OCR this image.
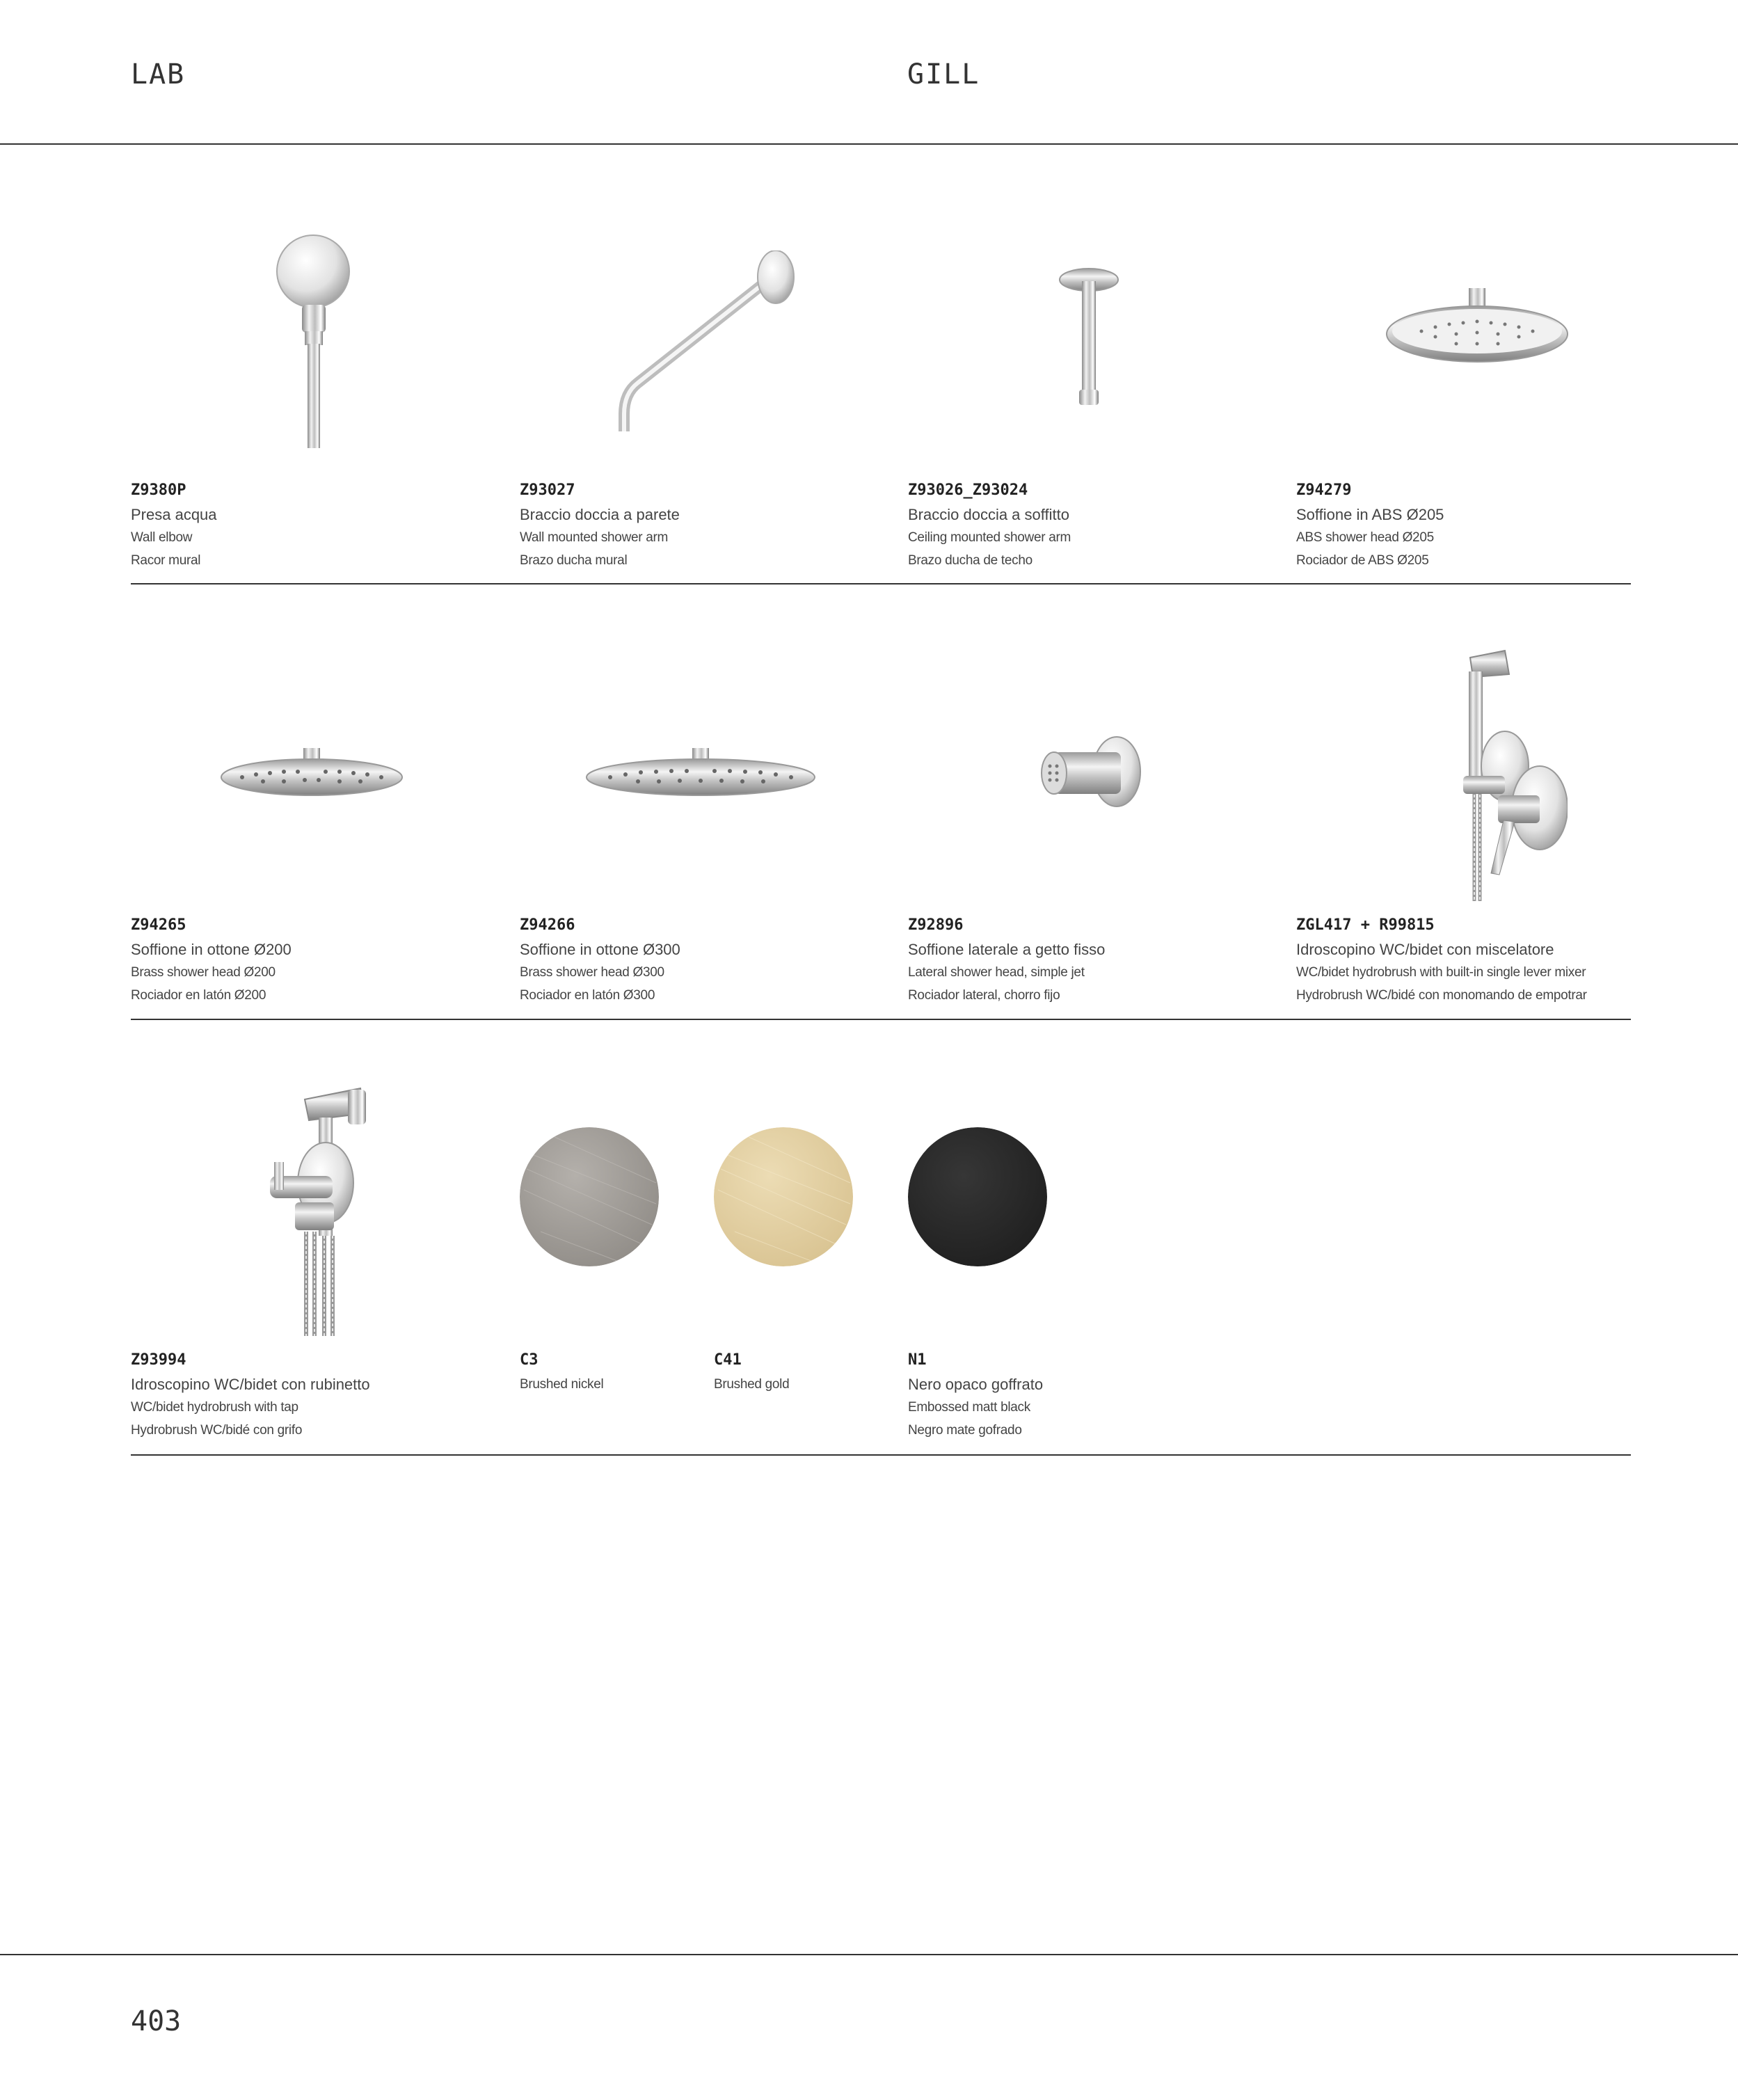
LAB	GILL
Z9380P
Presa acqua
Wall elbow
Racor mural
Z93027
Braccio doccia a parete
Wall mounted shower arm
Brazo ducha mural
Z93026_Z93024
Braccio doccia a soffitto
Ceiling mounted shower arm
Brazo ducha de techo
Z94279
Soffione in ABS Ø205
ABS shower head Ø205
Rociador de ABS Ø205
Z94265
Soffione in ottone Ø200
Brass shower head Ø200
Rociador en latón Ø200
Z94266
Soffione in ottone Ø300
Brass shower head Ø300
Rociador en latón Ø300
Z92896
Soffione laterale a getto fisso
Lateral shower head, simple jet
Rociador lateral, chorro fijo
ZGL417 + R99815
Idroscopino WC/bidet con miscelatore
WC/bidet hydrobrush with built-in single lever mixer
Hydrobrush WC/bidé con monomando de empotrar
Z93994
Idroscopino WC/bidet con rubinetto
WC/bidet hydrobrush with tap
Hydrobrush WC/bidé con grifo
C3
Brushed nickel
C41
Brushed gold
N1
Nero opaco goffrato
Embossed matt black
Negro mate gofrado
403
